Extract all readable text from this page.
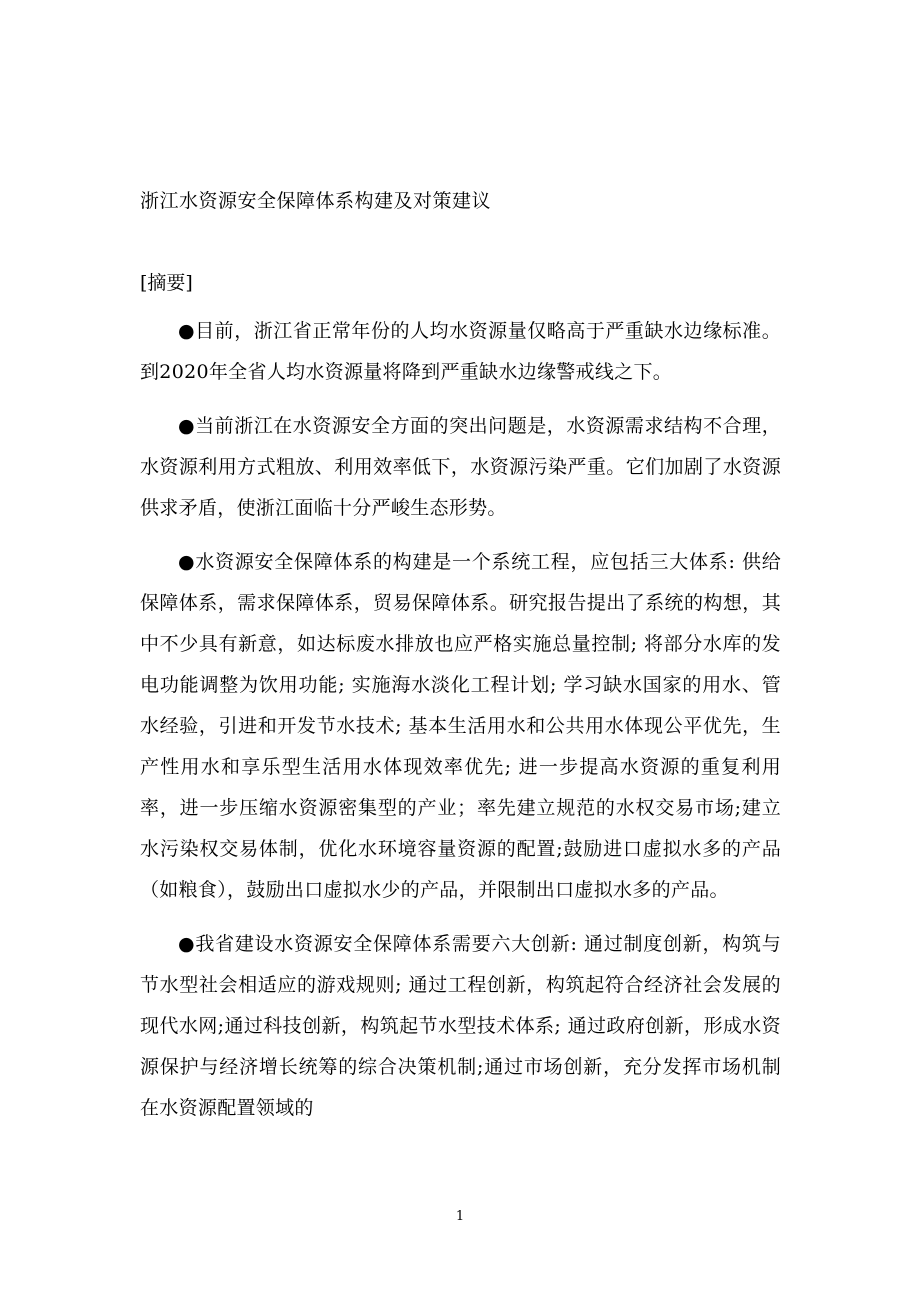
浙江水资源安全保障体系构建及对策建议
[摘要]

●目前，浙江省正常年份的人均水资源量仅略高于严重缺水边缘标准。到2020年全省人均水资源量将降到严重缺水边缘警戒线之下。

●当前浙江在水资源安全方面的突出问题是，水资源需求结构不合理，水资源利用方式粗放、利用效率低下，水资源污染严重。它们加剧了水资源供求矛盾，使浙江面临十分严峻生态形势。

●水资源安全保障体系的构建是一个系统工程，应包括三大体系: 供给保障体系，需求保障体系，贸易保障体系。研究报告提出了系统的构想，其中不少具有新意，如达标废水排放也应严格实施总量控制; 将部分水库的发电功能调整为饮用功能; 实施海水淡化工程计划; 学习缺水国家的用水、管水经验，引进和开发节水技术; 基本生活用水和公共用水体现公平优先，生产性用水和享乐型生活用水体现效率优先; 进一步提高水资源的重复利用率，进一步压缩水资源密集型的产业；率先建立规范的水权交易市场;建立水污染权交易体制，优化水环境容量资源的配置;鼓励进口虚拟水多的产品（如粮食），鼓励出口虚拟水少的产品，并限制出口虚拟水多的产品。

●我省建设水资源安全保障体系需要六大创新: 通过制度创新，构筑与节水型社会相适应的游戏规则; 通过工程创新，构筑起符合经济社会发展的现代水网;通过科技创新，构筑起节水型技术体系; 通过政府创新，形成水资源保护与经济增长统筹的综合决策机制;通过市场创新，充分发挥市场机制在水资源配置领域的

1
